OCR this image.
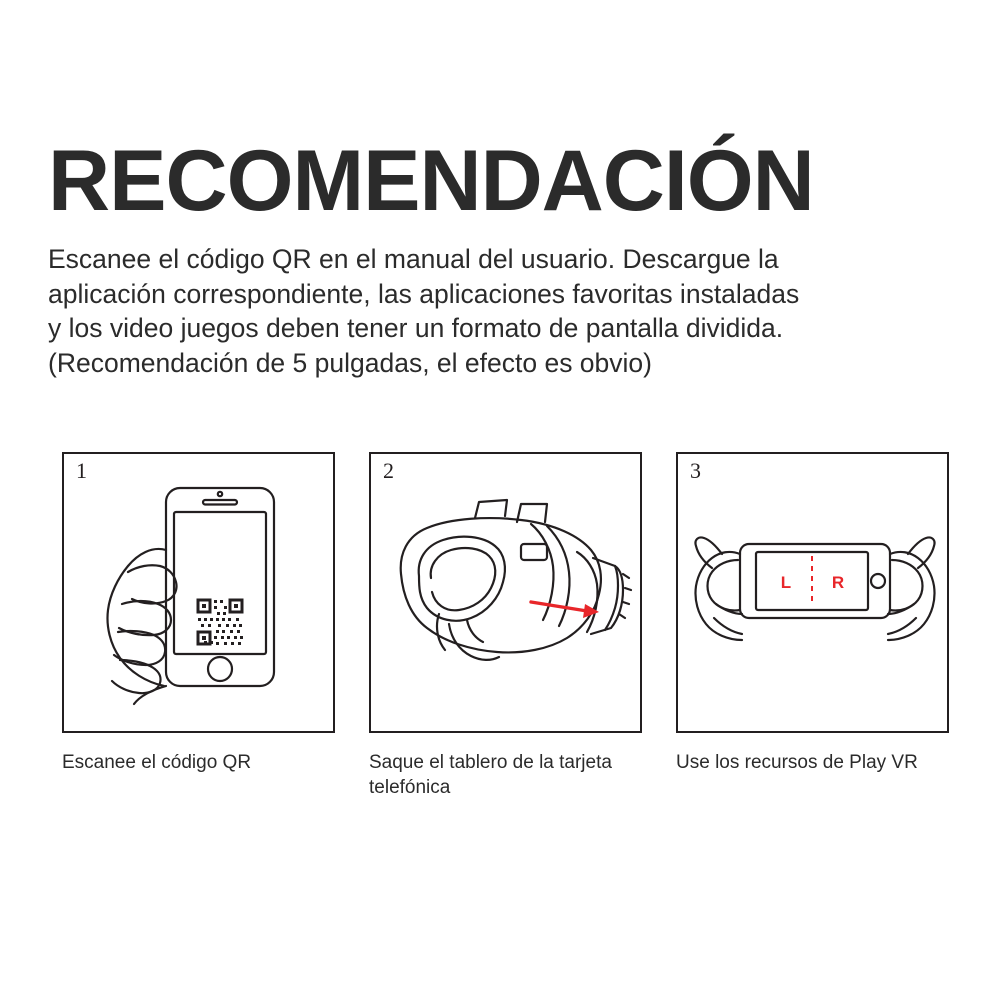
RECOMENDACIÓN
Escanee el código QR en el manual del usuario. Descargue la
aplicación correspondiente, las aplicaciones favoritas instaladas
y los video juegos deben tener un formato de pantalla dividida.
(Recomendación de 5 pulgadas, el efecto es obvio)
1
Escanee el código QR
2
Saque el tablero de la tarjeta telefónica
3
L R
Use los recursos de Play VR
